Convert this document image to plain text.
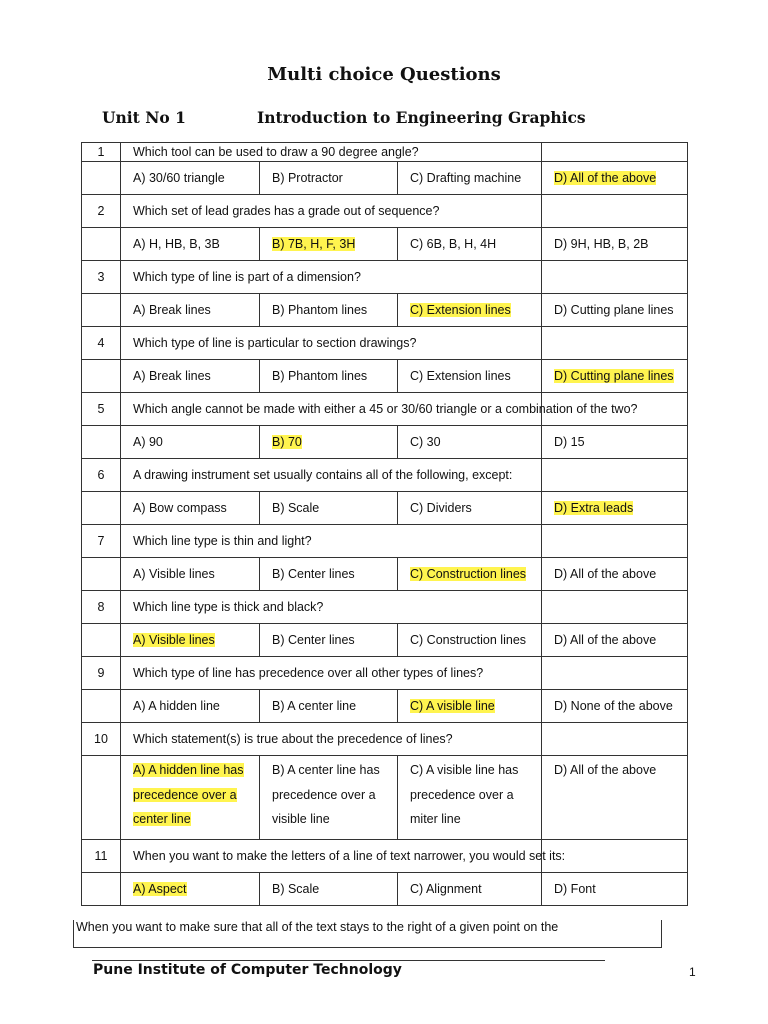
Multi choice Questions
Unit No 1	Introduction to Engineering Graphics
1	Which tool can be used to draw a 90 degree angle?			
	A) 30/60 triangle	B) Protractor	C) Drafting machine	D) All of the above
2	Which set of lead grades has a grade out of sequence?			
	A) H, HB, B, 3B	B) 7B, H, F, 3H	C) 6B, B, H, 4H	D) 9H, HB, B, 2B
3	Which type of line is part of a dimension?			
	A) Break lines	B) Phantom lines	C) Extension lines	D) Cutting plane lines
4	Which type of line is particular to section drawings?			
	A) Break lines	B) Phantom lines	C) Extension lines	D) Cutting plane lines
5	Which angle cannot be made with either a 45 or 30/60 triangle or a combination of the two?			
	A) 90	B) 70	C) 30	D) 15
6	A drawing instrument set usually contains all of the following, except:			
	A) Bow compass	B) Scale	C) Dividers	D) Extra leads
7	Which line type is thin and light?			
	A) Visible lines	B) Center lines	C) Construction lines	D) All of the above
8	Which line type is thick and black?			
	A) Visible lines	B) Center lines	C) Construction lines	D) All of the above
9	Which type of line has precedence over all other types of lines?			
	A) A hidden line	B) A center line	C) A visible line	D) None of the above
10	Which statement(s) is true about the precedence of lines?			
	A) A hidden line has precedence over a center line	B) A center line has precedence over a visible line	C) A visible line has precedence over a miter line	D) All of the above
11	When you want to make the letters of a line of text narrower, you would set its:			
	A) Aspect	B) Scale	C) Alignment	D) Font
When you want to make sure that all of the text stays to the right of a given point on the
Pune Institute of Computer Technology	1
